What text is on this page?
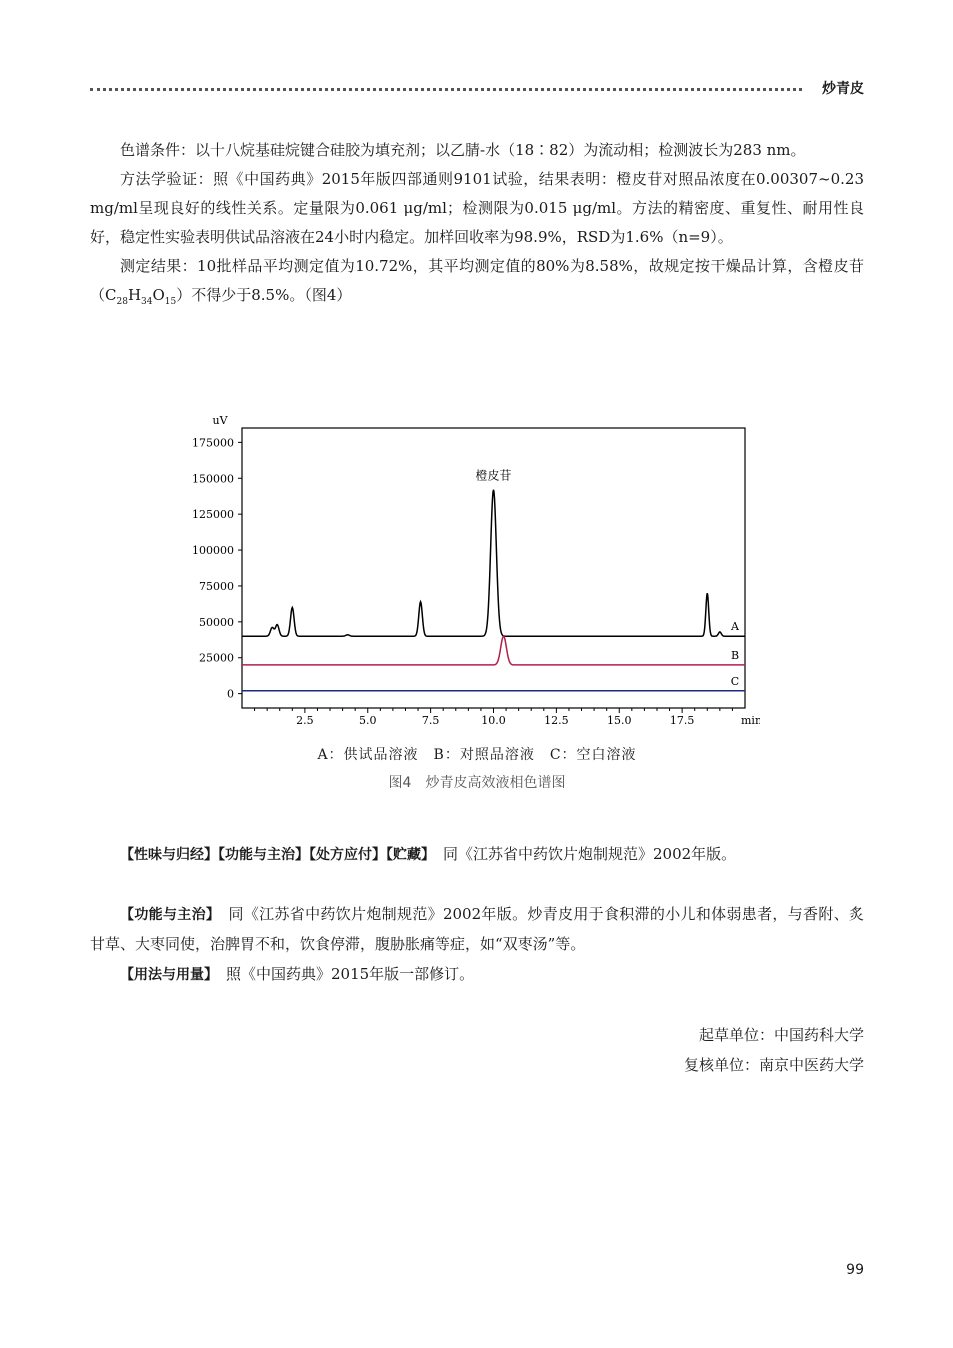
炒青皮

色谱条件：以十八烷基硅烷键合硅胶为填充剂；以乙腈-水（18∶82）为流动相；检测波长为283 nm。

方法学验证：照《中国药典》2015年版四部通则9101试验，结果表明：橙皮苷对照品浓度在0.00307~0.23 mg/ml呈现良好的线性关系。定量限为0.061 μg/ml；检测限为0.015 μg/ml。方法的精密度、重复性、耐用性良好，稳定性实验表明供试品溶液在24小时内稳定。加样回收率为98.9%，RSD为1.6%（n=9）。

测定结果：10批样品平均测定值为10.72%，其平均测定值的80%为8.58%，故规定按干燥品计算，含橙皮苷$(C_{28}H_{34}O_{15})$不得少于8.5%。（图4）

uV
175000
150000
125000
100000
75000
50000
25000
0
2.5	5.0	7.5	10.0	12.5	15.0	17.5	min
A
B
C
橙皮苷
A：供试品溶液　B：对照品溶液　C：空白溶液
图4　炒青皮高效液相色谱图

【性味与归经】【功能与主治】【处方应付】【贮藏】　同《江苏省中药饮片炮制规范》2002年版。

【功能与主治】　同《江苏省中药饮片炮制规范》2002年版。炒青皮用于食积滞的小儿和体弱患者，与香附、炙甘草、大枣同使，治脾胃不和，饮食停滞，腹胁胀痛等症，如“双枣汤”等。

【用法与用量】　照《中国药典》2015年版一部修订。

起草单位：中国药科大学
复核单位：南京中医药大学
99
